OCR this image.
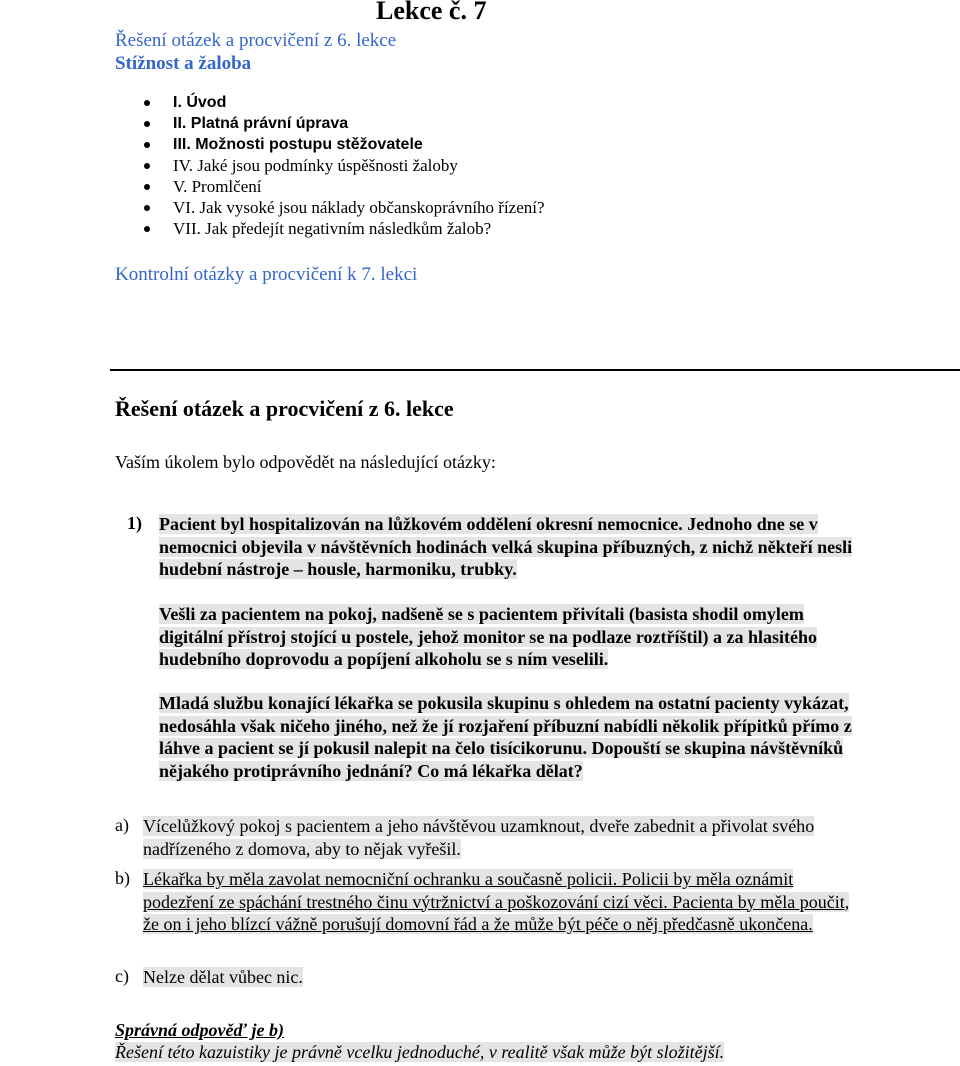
Lekce č. 7

Řešení otázek a procvičení z 6. lekce

Stížnost a žaloba

I. Úvod
II. Platná právní úprava
III. Možnosti postupu stěžovatele
IV. Jaké jsou podmínky úspěšnosti žaloby
V. Promlčení
VI. Jak vysoké jsou náklady občanskoprávního řízení?
VII. Jak předejít negativním následkům žalob?

Kontrolní otázky a procvičení k 7. lekci

Řešení otázek a procvičení z 6. lekce

Vaším úkolem bylo odpovědět na následující otázky:

1) Pacient byl hospitalizován na lůžkovém oddělení okresní nemocnice. Jednoho dne se v nemocnici objevila v návštěvních hodinách velká skupina příbuzných, z nichž někteří nesli hudební nástroje – housle, harmoniku, trubky.

Vešli za pacientem na pokoj, nadšeně se s pacientem přivítali (basista shodil omylem digitální přístroj stojící u postele, jehož monitor se na podlaze roztříštil) a za hlasitého hudebního doprovodu a popíjení alkoholu se s ním veselili.

Mladá službu konající lékařka se pokusila skupinu s ohledem na ostatní pacienty vykázat, nedosáhla však ničeho jiného, než že jí rozjaření příbuzní nabídli několik přípitků přímo z láhve a pacient se jí pokusil nalepit na čelo tisícikorunu. Dopouští se skupina návštěvníků nějakého protiprávního jednání? Co má lékařka dělat?

a) Vícelůžkový pokoj s pacientem a jeho návštěvou uzamknout, dveře zabednit a přivolat svého nadřízeného z domova, aby to nějak vyřešil.

b) Lékařka by měla zavolat nemocniční ochranku a současně policii. Policii by měla oznámit podezření ze spáchání trestného činu výtržnictví a poškozování cizí věci. Pacienta by měla poučit, že on i jeho blízcí vážně porušují domovní řád a že může být péče o něj předčasně ukončena.

c) Nelze dělat vůbec nic.

Správná odpověď je b)

Řešení této kazuistiky je právně vcelku jednoduché, v realitě však může být složitější.
